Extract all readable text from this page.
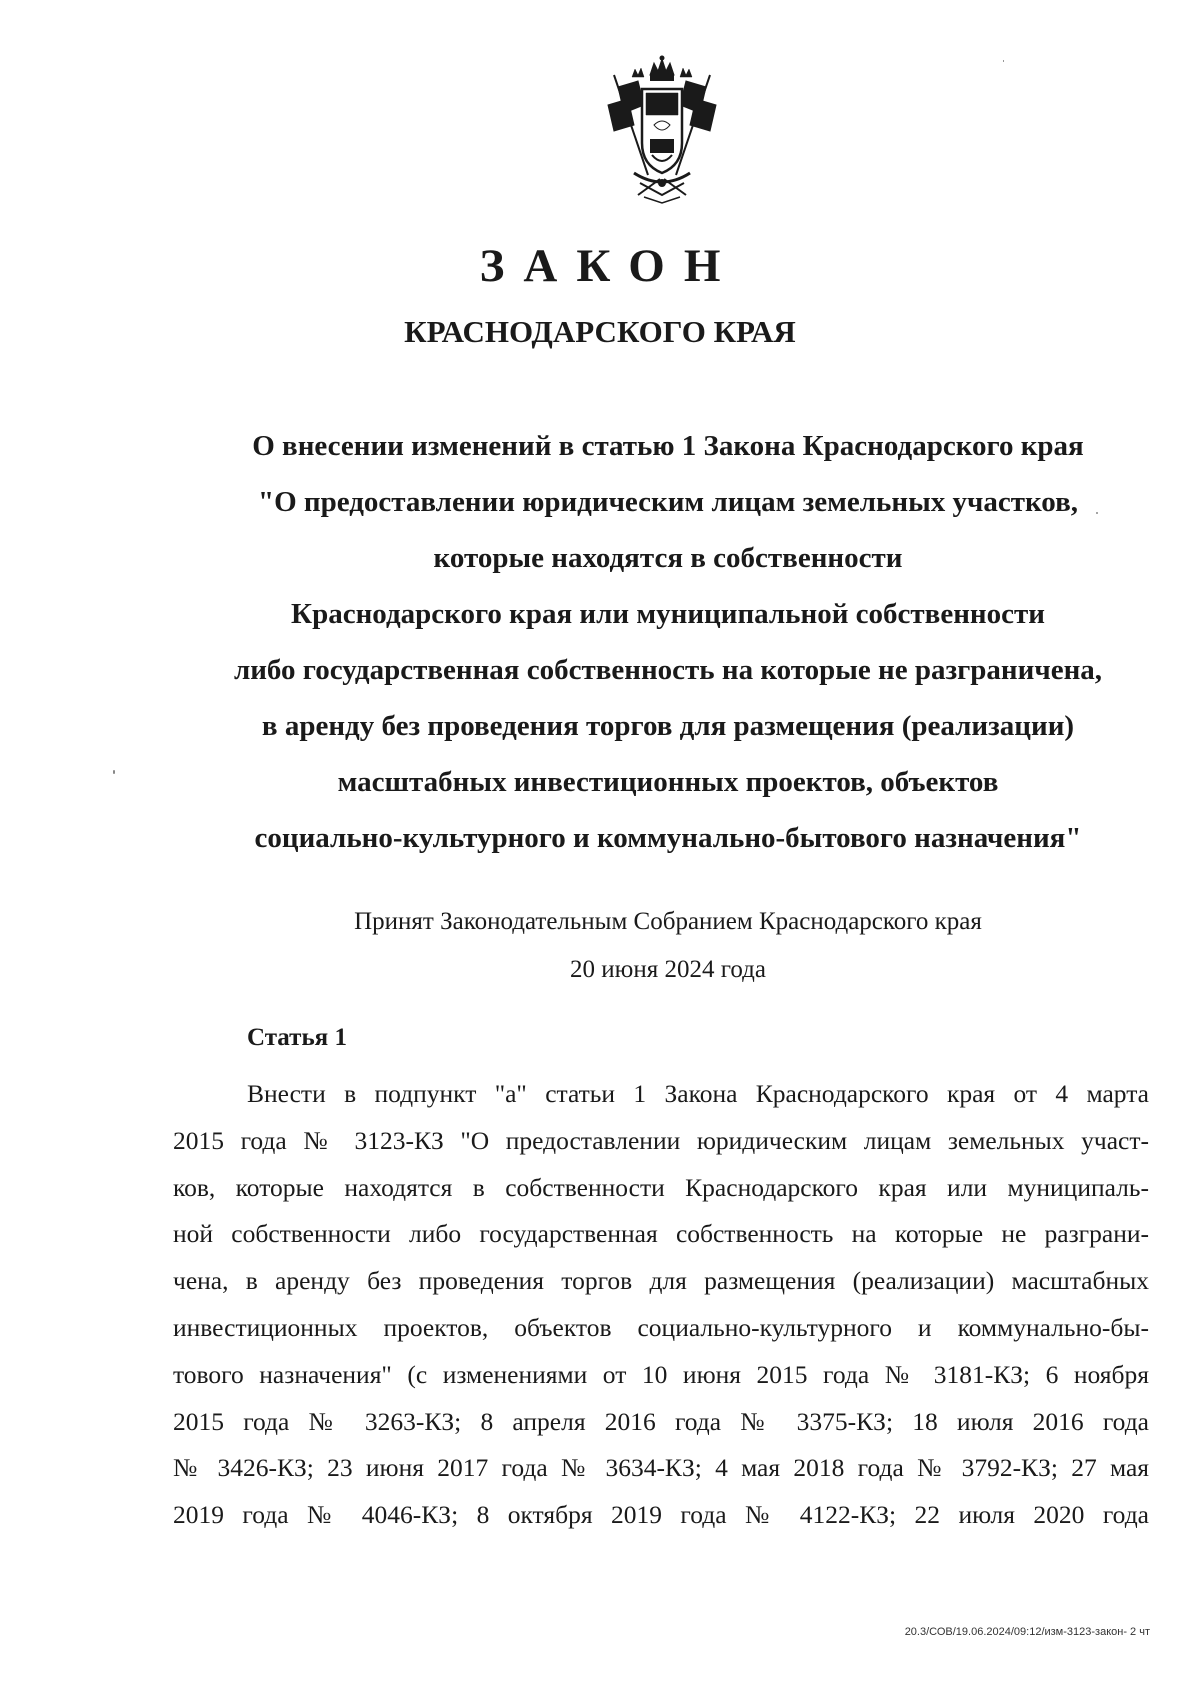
ЗАКОН
КРАСНОДАРСКОГО КРАЯ
О внесении изменений в статью 1 Закона Краснодарского края
"О предоставлении юридическим лицам земельных участков,
которые находятся в собственности
Краснодарского края или муниципальной собственности
либо государственная собственность на которые не разграничена,
в аренду без проведения торгов для размещения (реализации)
масштабных инвестиционных проектов, объектов
социально-культурного и коммунально-бытового назначения"
Принят Законодательным Собранием Краснодарского края
20 июня 2024 года
Статья 1
Внести в подпункт "а" статьи 1 Закона Краснодарского края от 4 марта
2015 года № 3123-КЗ "О предоставлении юридическим лицам земельных участ-
ков, которые находятся в собственности Краснодарского края или муниципаль-
ной собственности либо государственная собственность на которые не разграни-
чена, в аренду без проведения торгов для размещения (реализации) масштабных
инвестиционных проектов, объектов социально-культурного и коммунально-бы-
тового назначения" (с изменениями от 10 июня 2015 года № 3181-КЗ; 6 ноября
2015 года № 3263-КЗ; 8 апреля 2016 года № 3375-КЗ; 18 июля 2016 года
№ 3426-КЗ; 23 июня 2017 года № 3634-КЗ; 4 мая 2018 года № 3792-КЗ; 27 мая
2019 года № 4046-КЗ; 8 октября 2019 года № 4122-КЗ; 22 июля 2020 года
20.3/СОВ/19.06.2024/09:12/изм-3123-закон- 2 чт
